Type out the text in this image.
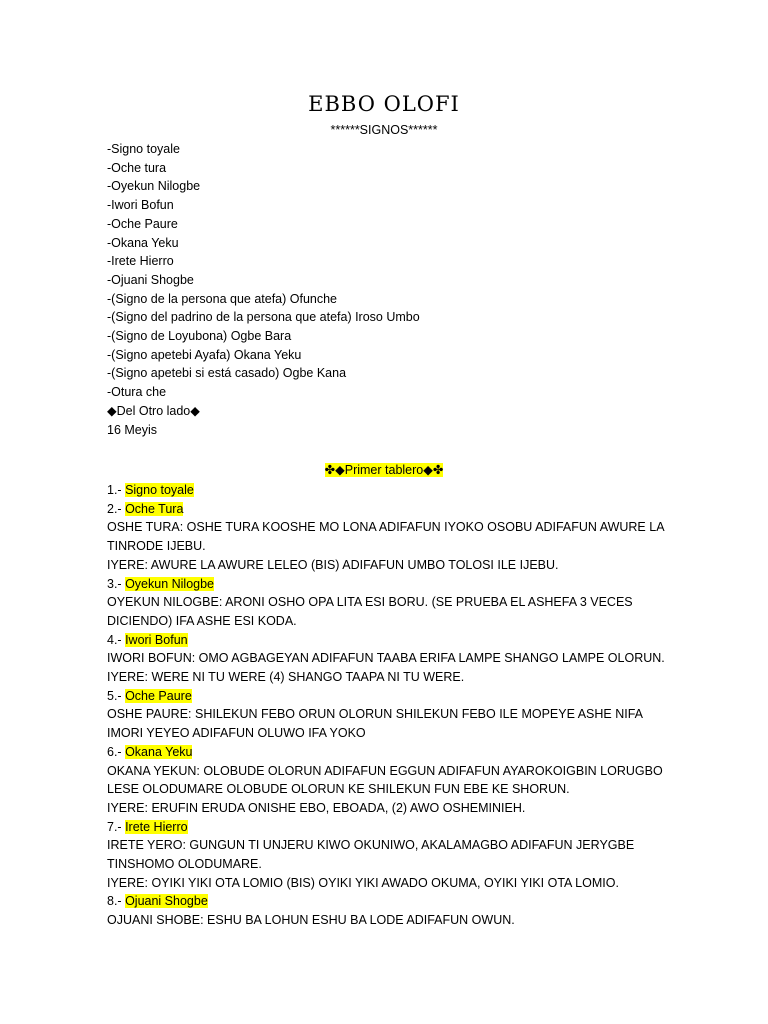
EBBO OLOFI
******SIGNOS******
-Signo toyale
-Oche tura
-Oyekun Nilogbe
-Iwori Bofun
-Oche Paure
-Okana Yeku
-Irete Hierro
-Ojuani Shogbe
-(Signo de la persona que atefa) Ofunche
-(Signo del padrino de la persona que atefa) Iroso Umbo
-(Signo de Loyubona) Ogbe Bara
-(Signo apetebi Ayafa) Okana Yeku
-(Signo apetebi si está casado) Ogbe Kana
-Otura che
◆Del Otro lado◆
16 Meyis
✤◆Primer tablero◆✤
1.- Signo toyale
2.- Oche Tura
OSHE TURA: OSHE TURA KOOSHE MO LONA ADIFAFUN IYOKO OSOBU ADIFAFUN AWURE LA TINRODE IJEBU.
IYERE: AWURE LA AWURE LELEO (BIS) ADIFAFUN UMBO TOLOSI ILE IJEBU.
3.- Oyekun Nilogbe
OYEKUN NILOGBE: ARONI OSHO OPA LITA ESI BORU. (SE PRUEBA EL ASHEFA 3 VECES DICIENDO) IFA ASHE ESI KODA.
4.- Iwori Bofun
IWORI BOFUN: OMO AGBAGEYAN ADIFAFUN TAABA ERIFA LAMPE SHANGO LAMPE OLORUN.
IYERE: WERE NI TU WERE (4) SHANGO TAAPA NI TU WERE.
5.- Oche Paure
OSHE PAURE: SHILEKUN FEBO ORUN OLORUN SHILEKUN FEBO ILE MOPEYE ASHE NIFA IMORI YEYEO ADIFAFUN OLUWO IFA YOKO
6.- Okana Yeku
OKANA YEKUN: OLOBUDE OLORUN ADIFAFUN EGGUN ADIFAFUN AYAROKOIGBIN LORUGBO LESE OLODUMARE OLOBUDE OLORUN KE SHILEKUN FUN EBE KE SHORUN.
IYERE: ERUFIN ERUDA ONISHE EBO, EBOADA, (2) AWO OSHEMINIEH.
7.- Irete Hierro
IRETE YERO: GUNGUN TI UNJERU KIWO OKUNIWO, AKALAMAGBO ADIFAFUN JERYGBE TINSHOMO OLODUMARE.
IYERE: OYIKI YIKI OTA LOMIO (BIS) OYIKI YIKI AWADO OKUMA, OYIKI YIKI OTA LOMIO.
8.- Ojuani Shogbe
OJUANI SHOBE: ESHU BA LOHUN ESHU BA LODE ADIFAFUN OWUN.
